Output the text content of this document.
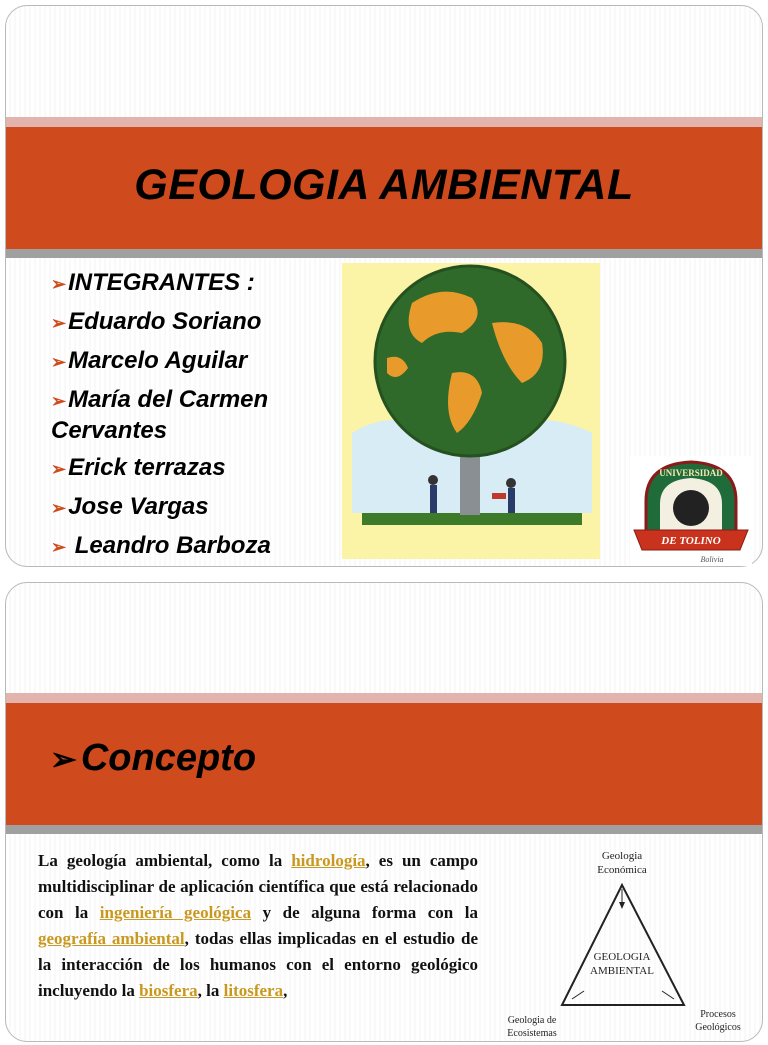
GEOLOGIA AMBIENTAL
➢INTEGRANTES :
➢Eduardo Soriano
➢Marcelo Aguilar
➢María del Carmen Cervantes
➢Erick terrazas
➢Jose Vargas
➢ Leandro Barboza
UNIVERSIDAD
DE TOLINO
Bolivia
➢ Concepto
La geología ambiental, como la hidrología, es un campo multidisciplinar de aplicación científica que está relacionado con la ingeniería geológica y de alguna forma con la geografía ambiental, todas ellas implicadas en el estudio de la interacción de los humanos con el entorno geológico incluyendo la biosfera, la litosfera,
Geologia
Económica
GEOLOGIA
AMBIENTAL
Geologia de
Ecosistemas
Procesos
Geológicos
